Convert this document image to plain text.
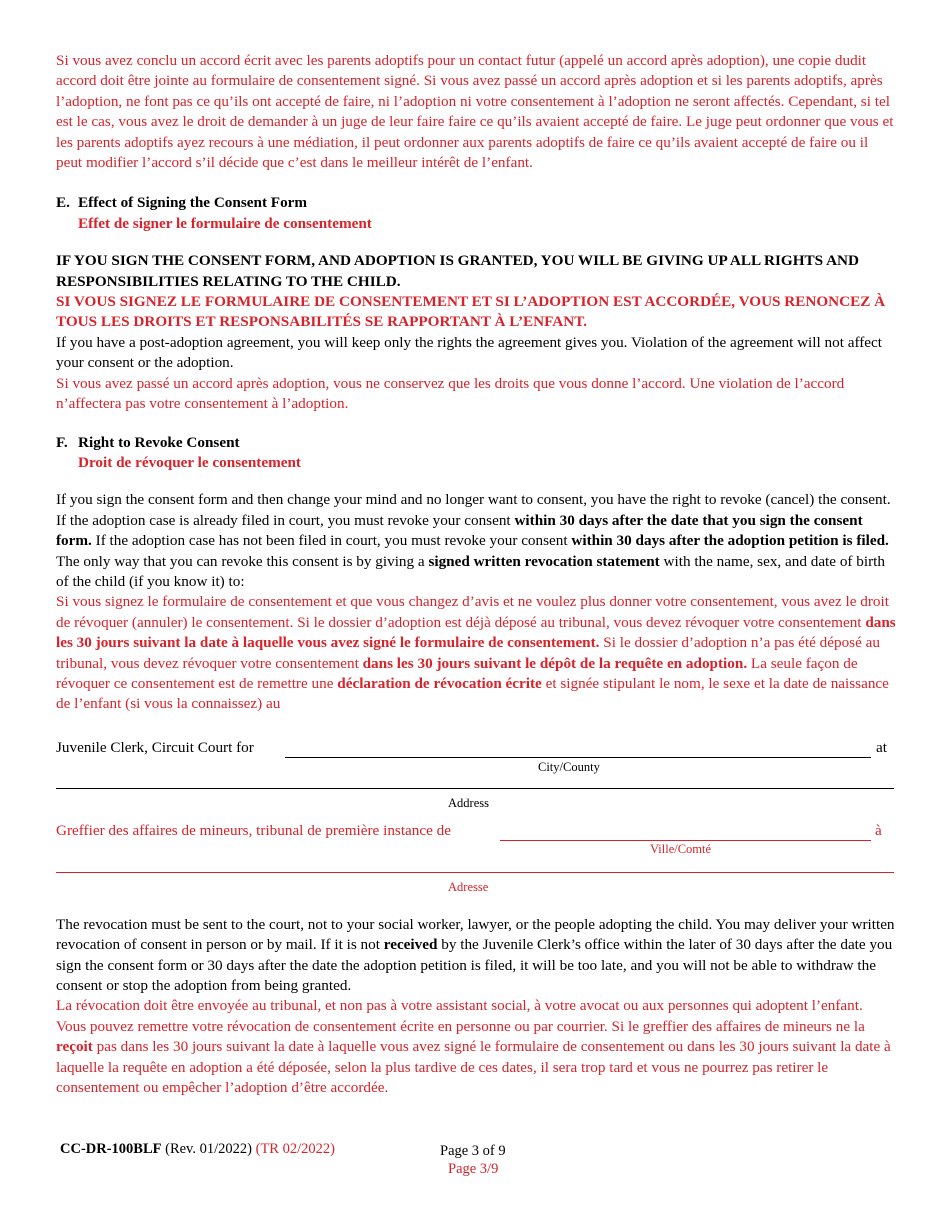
Si vous avez conclu un accord écrit avec les parents adoptifs pour un contact futur (appelé un accord après adoption), une copie dudit accord doit être jointe au formulaire de consentement signé. Si vous avez passé un accord après adoption et si les parents adoptifs, après l’adoption, ne font pas ce qu’ils ont accepté de faire, ni l’adoption ni votre consentement à l’adoption ne seront affectés. Cependant, si tel est le cas, vous avez le droit de demander à un juge de leur faire faire ce qu’ils avaient accepté de faire. Le juge peut ordonner que vous et les parents adoptifs ayez recours à une médiation, il peut ordonner aux parents adoptifs de faire ce qu’ils avaient accepté de faire ou il peut modifier l’accord s’il décide que c’est dans le meilleur intérêt de l’enfant.

E. Effect of Signing the Consent Form
Effet de signer le formulaire de consentement

IF YOU SIGN THE CONSENT FORM, AND ADOPTION IS GRANTED, YOU WILL BE GIVING UP ALL RIGHTS AND RESPONSIBILITIES RELATING TO THE CHILD.

SI VOUS SIGNEZ LE FORMULAIRE DE CONSENTEMENT ET SI L’ADOPTION EST ACCORDÉE, VOUS RENONCEZ À TOUS LES DROITS ET RESPONSABILITÉS SE RAPPORTANT À L’ENFANT.

If you have a post-adoption agreement, you will keep only the rights the agreement gives you. Violation of the agreement will not affect your consent or the adoption.

Si vous avez passé un accord après adoption, vous ne conservez que les droits que vous donne l’accord. Une violation de l’accord n’affectera pas votre consentement à l’adoption.

F. Right to Revoke Consent
Droit de révoquer le consentement

If you sign the consent form and then change your mind and no longer want to consent, you have the right to revoke (cancel) the consent. If the adoption case is already filed in court, you must revoke your consent within 30 days after the date that you sign the consent form. If the adoption case has not been filed in court, you must revoke your consent within 30 days after the adoption petition is filed. The only way that you can revoke this consent is by giving a signed written revocation statement with the name, sex, and date of birth of the child (if you know it) to:

Si vous signez le formulaire de consentement et que vous changez d’avis et ne voulez plus donner votre consentement, vous avez le droit de révoquer (annuler) le consentement. Si le dossier d’adoption est déjà déposé au tribunal, vous devez révoquer votre consentement dans les 30 jours suivant la date à laquelle vous avez signé le formulaire de consentement. Si le dossier d’adoption n’a pas été déposé au tribunal, vous devez révoquer votre consentement dans les 30 jours suivant le dépôt de la requête en adoption. La seule façon de révoquer ce consentement est de remettre une déclaration de révocation écrite et signée stipulant le nom, le sexe et la date de naissance de l’enfant (si vous la connaissez) au

Juvenile Clerk, Circuit Court for	at
City/County
Address
Greffier des affaires de mineurs, tribunal de première instance de	à
Ville/Comté
Adresse

The revocation must be sent to the court, not to your social worker, lawyer, or the people adopting the child. You may deliver your written revocation of consent in person or by mail. If it is not received by the Juvenile Clerk’s office within the later of 30 days after the date you sign the consent form or 30 days after the date the adoption petition is filed, it will be too late, and you will not be able to withdraw the consent or stop the adoption from being granted.

La révocation doit être envoyée au tribunal, et non pas à votre assistant social, à votre avocat ou aux personnes qui adoptent l’enfant. Vous pouvez remettre votre révocation de consentement écrite en personne ou par courrier. Si le greffier des affaires de mineurs ne la reçoit pas dans les 30 jours suivant la date à laquelle vous avez signé le formulaire de consentement ou dans les 30 jours suivant la date à laquelle la requête en adoption a été déposée, selon la plus tardive de ces dates, il sera trop tard et vous ne pourrez pas retirer le consentement ou empêcher l’adoption d’être accordée.

CC-DR-100BLF (Rev. 01/2022) (TR 02/2022)	Page 3 of 9
Page 3/9
